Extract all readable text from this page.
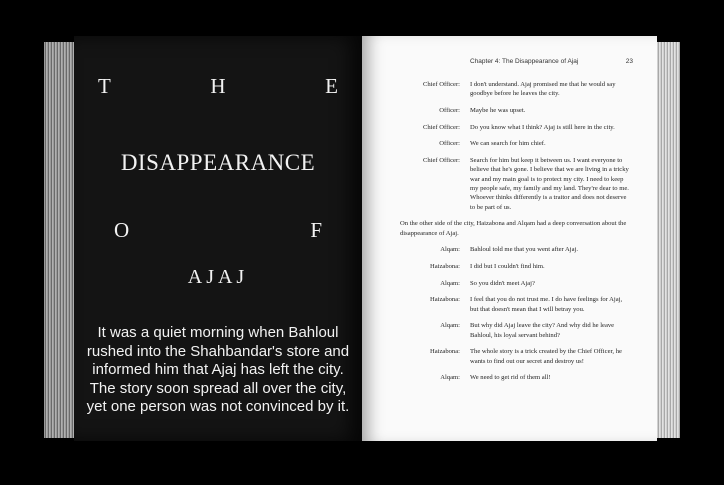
T	H	E
DISAPPEARANCE
O	F
AJAJ
It was a quiet morning when Bahloul rushed into the Shahbandar's store and informed him that Ajaj has left the city. The story soon spread all over the city, yet one person was not convinced by it.
Chapter 4: The Disappearance of Ajaj	23
Chief Officer:	I don't understand. Ajaj promised me that he would say goodbye before he leaves the city.
Officer:	Maybe he was upset.
Chief Officer:	Do you know what I think? Ajaj is still here in the city.
Officer:	We can search for him chief.
Chief Officer:	Search for him but keep it between us. I want everyone to believe that he's gone. I believe that we are living in a tricky war and my main goal is to protect my city. I need to keep my people safe, my family and my land. They're dear to me. Whoever thinks differently is a traitor and does not deserve to be part of us.
On the other side of the city, Haizabona and Alqam had a deep conversation about the disappearance of Ajaj.
Alqam:	Bahloul told me that you went after Ajaj.
Haizabona:	I did but I couldn't find him.
Alqam:	So you didn't meet Ajaj?
Haizabona:	I feel that you do not trust me. I do have feelings for Ajaj, but that doesn't mean that I will betray you.
Alqam:	But why did Ajaj leave the city? And why did he leave Bahloul, his loyal servant behind?
Haizabona:	The whole story is a trick created by the Chief Officer, he wants to find out our secret and destroy us!
Alqam:	We need to get rid of them all!
